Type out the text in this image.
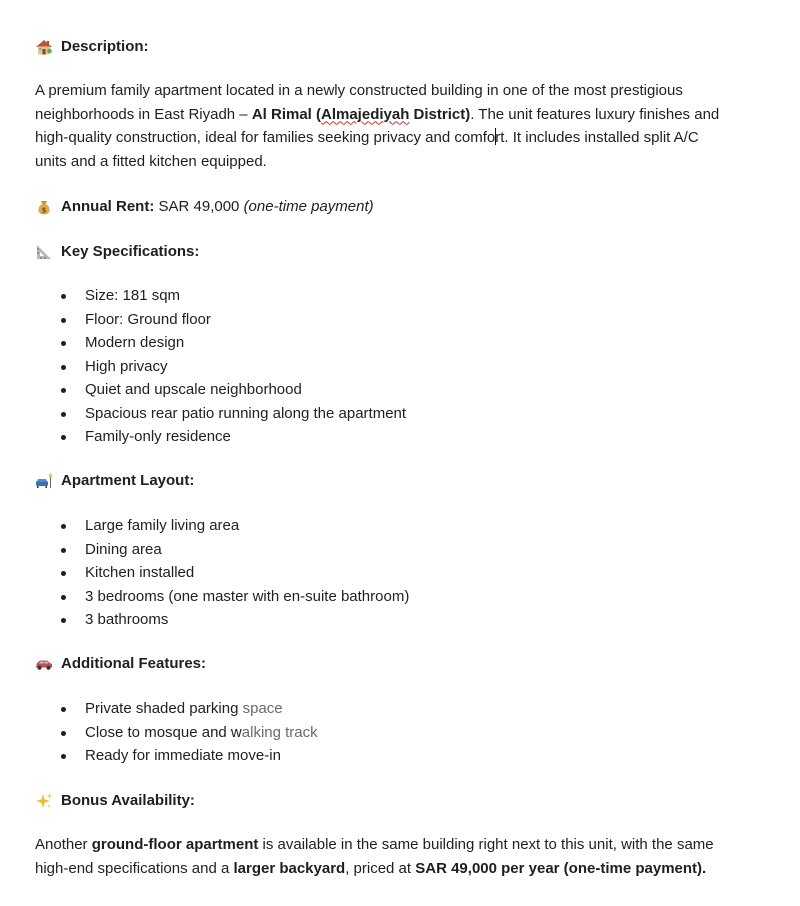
Description:
A premium family apartment located in a newly constructed building in one of the most prestigious
neighborhoods in East Riyadh – Al Rimal (Almajediyah District). The unit features luxury finishes and
high-quality construction, ideal for families seeking privacy and comfort. It includes installed split A/C
units and a fitted kitchen equipped.
$ Annual Rent: SAR 49,000 (one-time payment)
Key Specifications:
Size: 181 sqm
Floor: Ground floor
Modern design
High privacy
Quiet and upscale neighborhood
Spacious rear patio running along the apartment
Family-only residence
Apartment Layout:
Large family living area
Dining area
Kitchen installed
3 bedrooms (one master with en-suite bathroom)
3 bathrooms
Additional Features:
Private shaded parking space
Close to mosque and walking track
Ready for immediate move-in
Bonus Availability:
Another ground-floor apartment is available in the same building right next to this unit, with the same
high-end specifications and a larger backyard, priced at SAR 49,000 per year (one-time payment).
